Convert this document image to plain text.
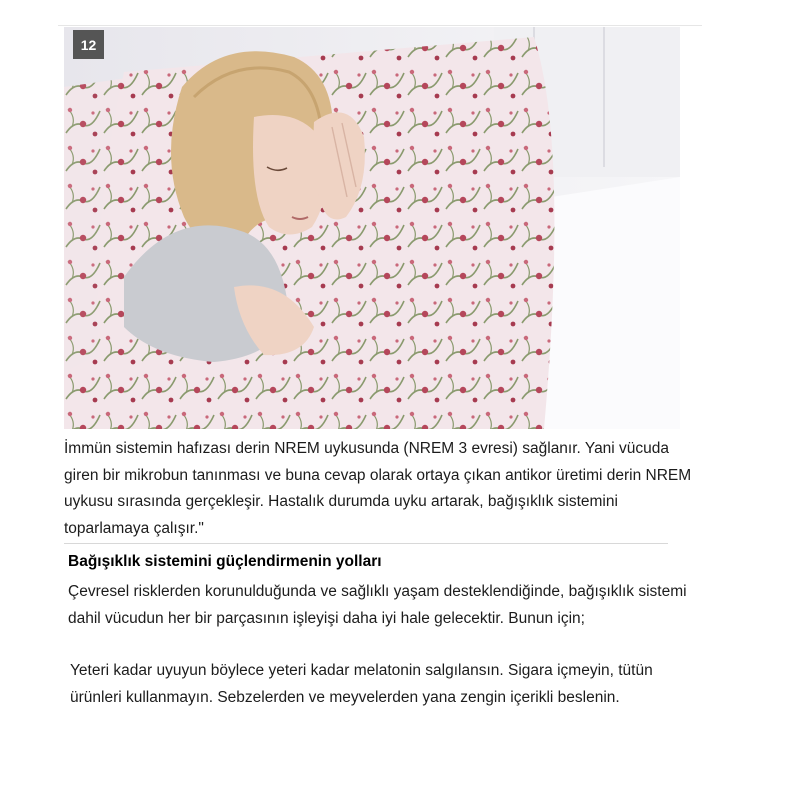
12

İmmün sistemin hafızası derin NREM uykusunda (NREM 3 evresi) sağlanır. Yani vücuda giren bir mikrobun tanınması ve buna cevap olarak ortaya çıkan antikor üretimi derin NREM uykusu sırasında gerçekleşir. Hastalık durumda uyku artarak, bağışıklık sistemini toparlamaya çalışır."

Bağışıklık sistemini güçlendirmenin yolları

Çevresel risklerden korunulduğunda ve sağlıklı yaşam desteklendiğinde, bağışıklık sistemi dahil vücudun her bir parçasının işleyişi daha iyi hale gelecektir. Bunun için;

Yeteri kadar uyuyun böylece yeteri kadar melatonin salgılansın. Sigara içmeyin, tütün ürünleri kullanmayın. Sebzelerden ve meyvelerden yana zengin içerikli beslenin.
